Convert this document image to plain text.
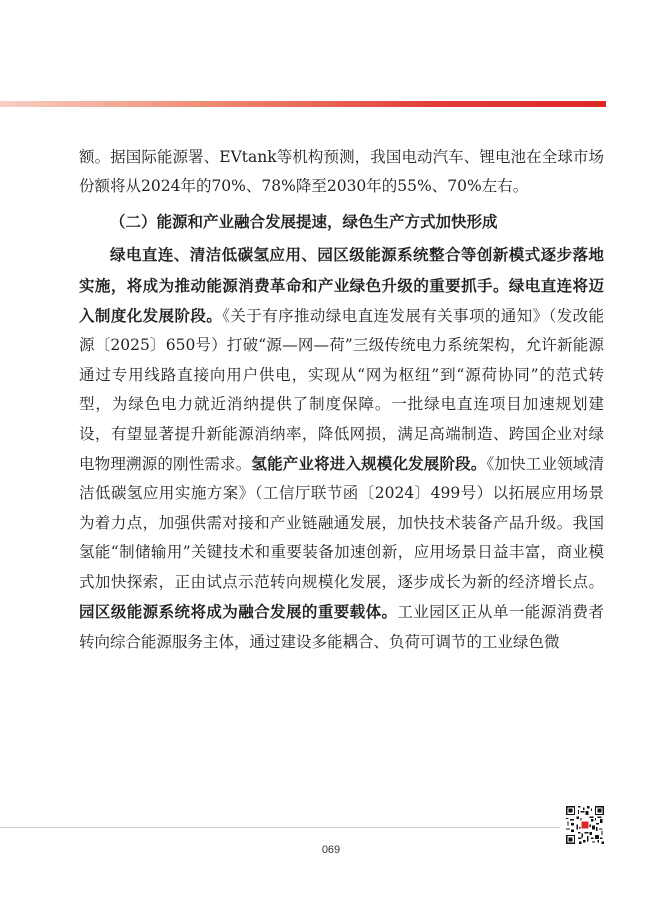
额。据国际能源署、EVtank等机构预测，我国电动汽车、锂电池在全球市场份额将从2024年的70%、78%降至2030年的55%、70%左右。

（二）能源和产业融合发展提速，绿色生产方式加快形成

绿电直连、清洁低碳氢应用、园区级能源系统整合等创新模式逐步落地实施，将成为推动能源消费革命和产业绿色升级的重要抓手。绿电直连将迈入制度化发展阶段。《关于有序推动绿电直连发展有关事项的通知》（发改能源〔2025〕650号）打破“源—网—荷”三级传统电力系统架构，允许新能源通过专用线路直接向用户供电，实现从“网为枢纽”到“源荷协同”的范式转型，为绿色电力就近消纳提供了制度保障。一批绿电直连项目加速规划建设，有望显著提升新能源消纳率，降低网损，满足高端制造、跨国企业对绿电物理溯源的刚性需求。氢能产业将进入规模化发展阶段。《加快工业领域清洁低碳氢应用实施方案》（工信厅联节函〔2024〕499号）以拓展应用场景为着力点，加强供需对接和产业链融通发展，加快技术装备产品升级。我国氢能“制储输用”关键技术和重要装备加速创新，应用场景日益丰富，商业模式加快探索，正由试点示范转向规模化发展，逐步成长为新的经济增长点。园区级能源系统将成为融合发展的重要载体。工业园区正从单一能源消费者转向综合能源服务主体，通过建设多能耦合、负荷可调节的工业绿色微

069
